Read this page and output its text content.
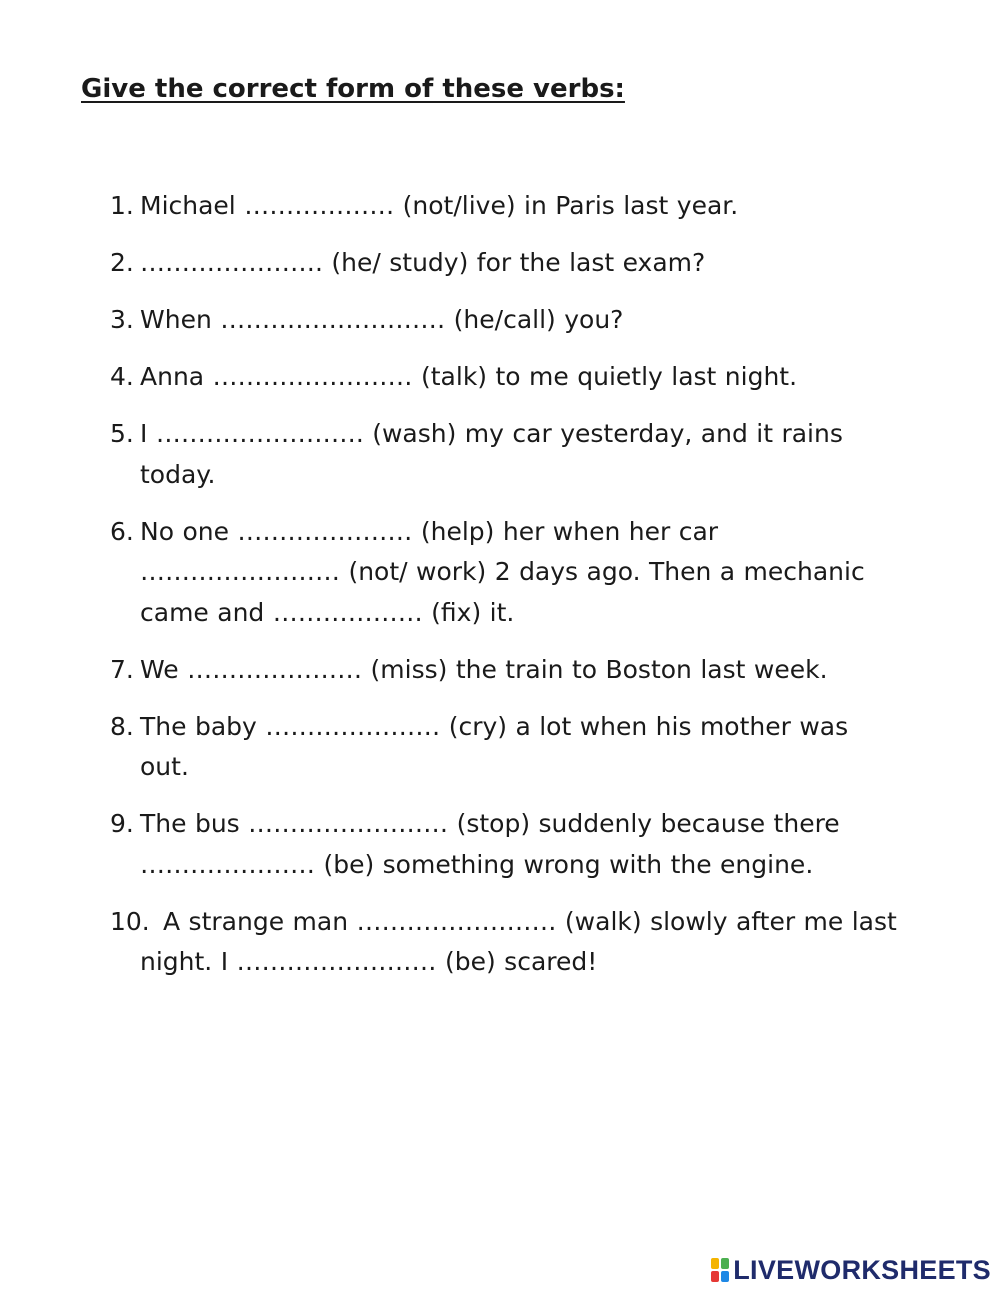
Give the correct form of these verbs:
1. Michael ……………… (not/live) in Paris last year.
2. …………………. (he/ study) for the last exam?
3. When ……………………… (he/call) you?
4. Anna …………………… (talk) to me quietly last night.
5. I ……………………. (wash) my car yesterday, and it rains
today.
6. No one ………………… (help) her when her car
…………………… (not/ work) 2 days ago. Then a mechanic
came and ……………… (fix) it.
7. We ………………… (miss) the train to Boston last week.
8. The baby ………………… (cry) a lot when his mother was
out.
9. The bus …………………… (stop) suddenly because there
………………… (be) something wrong with the engine.
10. A strange man …………………… (walk) slowly after me last
night. I …………………… (be) scared!
LIVEWORKSHEETS
